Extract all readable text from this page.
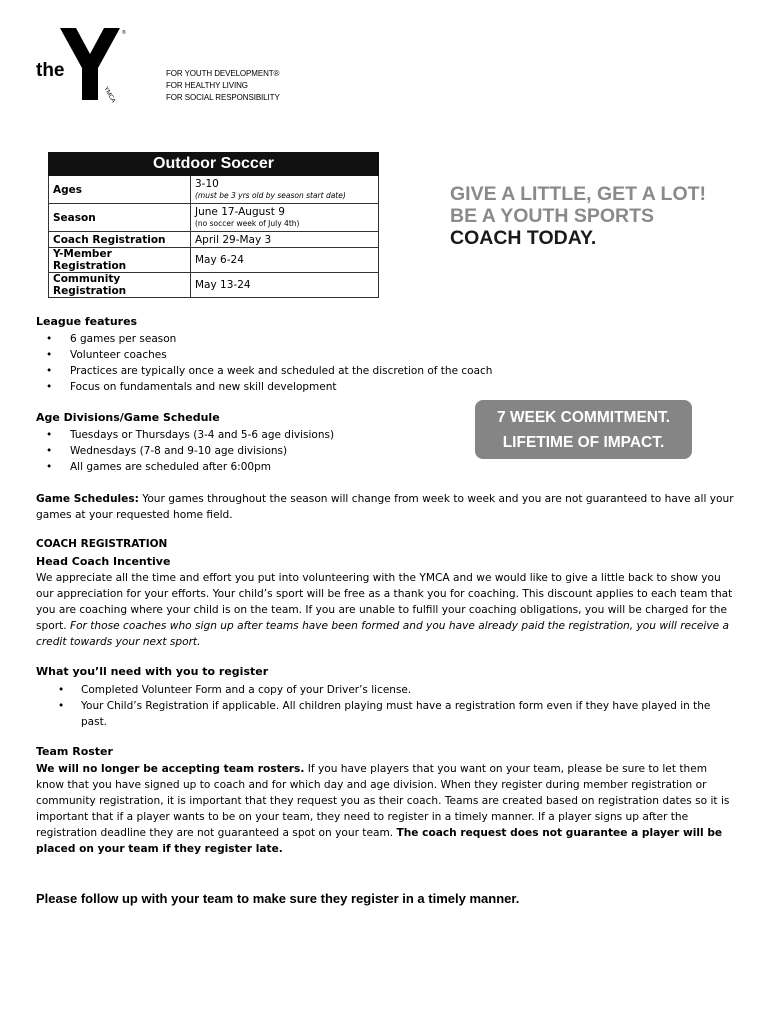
the
YMCA
®
FOR YOUTH DEVELOPMENT®
FOR HEALTHY LIVING
FOR SOCIAL RESPONSIBILITY
Outdoor Soccer	
Ages	3-10
(must be 3 yrs old by season start date)

Season	June 17-August 9
(no soccer week of July 4th)

Coach Registration	April 29-May 3
Y-Member Registration	May 6-24
Community Registration	May 13-24
GIVE A LITTLE, GET A LOT!
BE A YOUTH SPORTS
COACH TODAY.
League features
• 6 games per season
• Volunteer coaches
• Practices are typically once a week and scheduled at the discretion of the coach
• Focus on fundamentals and new skill development
Age Divisions/Game Schedule
• Tuesdays or Thursdays (3-4 and 5-6 age divisions)
• Wednesdays (7-8 and 9-10 age divisions)
• All games are scheduled after 6:00pm
7 WEEK COMMITMENT.
LIFETIME OF IMPACT.
Game Schedules: Your games throughout the season will change from week to week and you are not guaranteed to have all your games at your requested home field.
COACH REGISTRATION
Head Coach Incentive
We appreciate all the time and effort you put into volunteering with the YMCA and we would like to give a little back to show you our appreciation for your efforts. Your child’s sport will be free as a thank you for coaching. This discount applies to each team that you are coaching where your child is on the team. If you are unable to fulfill your coaching obligations, you will be charged for the sport. For those coaches who sign up after teams have been formed and you have already paid the registration, you will receive a credit towards your next sport.
What you’ll need with you to register
• Completed Volunteer Form and a copy of your Driver’s license.
• Your Child’s Registration if applicable. All children playing must have a registration form even if they have played in the past.
Team Roster
We will no longer be accepting team rosters. If you have players that you want on your team, please be sure to let them know that you have signed up to coach and for which day and age division. When they register during member registration or community registration, it is important that they request you as their coach. Teams are created based on registration dates so it is important that if a player wants to be on your team, they need to register in a timely manner. If a player signs up after the registration deadline they are not guaranteed a spot on your team. The coach request does not guarantee a player will be placed on your team if they register late.
Please follow up with your team to make sure they register in a timely manner.
